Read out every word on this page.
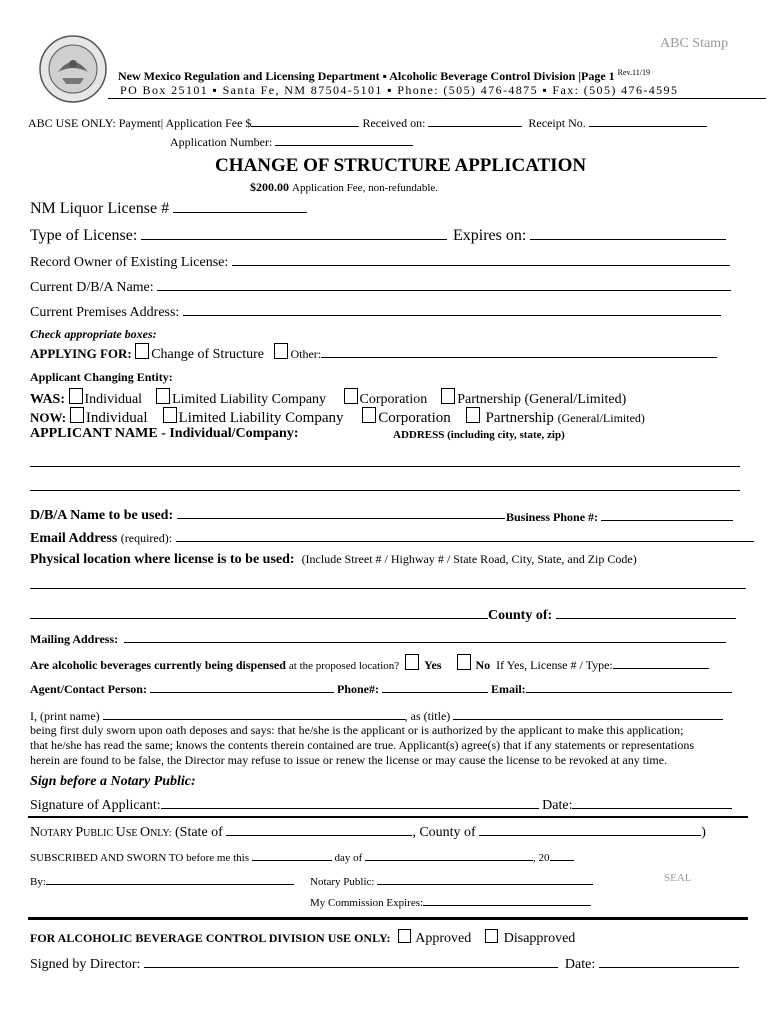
ABC Stamp
New Mexico Regulation and Licensing Department ▪ Alcoholic Beverage Control Division |Page 1 $^{Rev.11/19}$
PO Box 25101 ▪ Santa Fe, NM 87504-5101 ▪ Phone: (505) 476-4875 ▪ Fax: (505) 476-4595
ABC USE ONLY: Payment| Application Fee $	Received on:	Receipt No.
Application Number:
CHANGE OF STRUCTURE APPLICATION
$200.00 Application Fee, non-refundable.
NM Liquor License #
Type of License:	Expires on:
Record Owner of Existing License:
Current D/B/A Name:
Current Premises Address:
Check appropriate boxes:
APPLYING FOR: Change of Structure Other:
Applicant Changing Entity:
WAS: Individual Limited Liability Company Corporation Partnership (General/Limited)
NOW: Individual Limited Liability Company Corporation Partnership (General/Limited)
APPLICANT NAME - Individual/Company:	ADDRESS (including city, state, zip)
D/B/A Name to be used:	Business Phone #:
Email Address (required):
Physical location where license is to be used: (Include Street # / Highway # / State Road, City, State, and Zip Code)
County of:
Mailing Address:
Are alcoholic beverages currently being dispensed at the proposed location? Yes	No If Yes, License # / Type:
Agent/Contact Person:	Phone#:	Email:
I, (print name)	, as (title)
being first duly sworn upon oath deposes and says: that he/she is the applicant or is authorized by the applicant to make this application;
that he/she has read the same; knows the contents therein contained are true. Applicant(s) agree(s) that if any statements or representations
herein are found to be false, the Director may refuse to issue or renew the license or may cause the license to be revoked at any time.
Sign before a Notary Public:
Signature of Applicant:	Date:
NOTARY PUBLIC USE ONLY: (State of	, County of	)
SUBSCRIBED AND SWORN TO before me this	day of	, 20
By:	Notary Public:	SEAL
My Commission Expires:
FOR ALCOHOLIC BEVERAGE CONTROL DIVISION USE ONLY: Approved Disapproved
Signed by Director:	Date:
